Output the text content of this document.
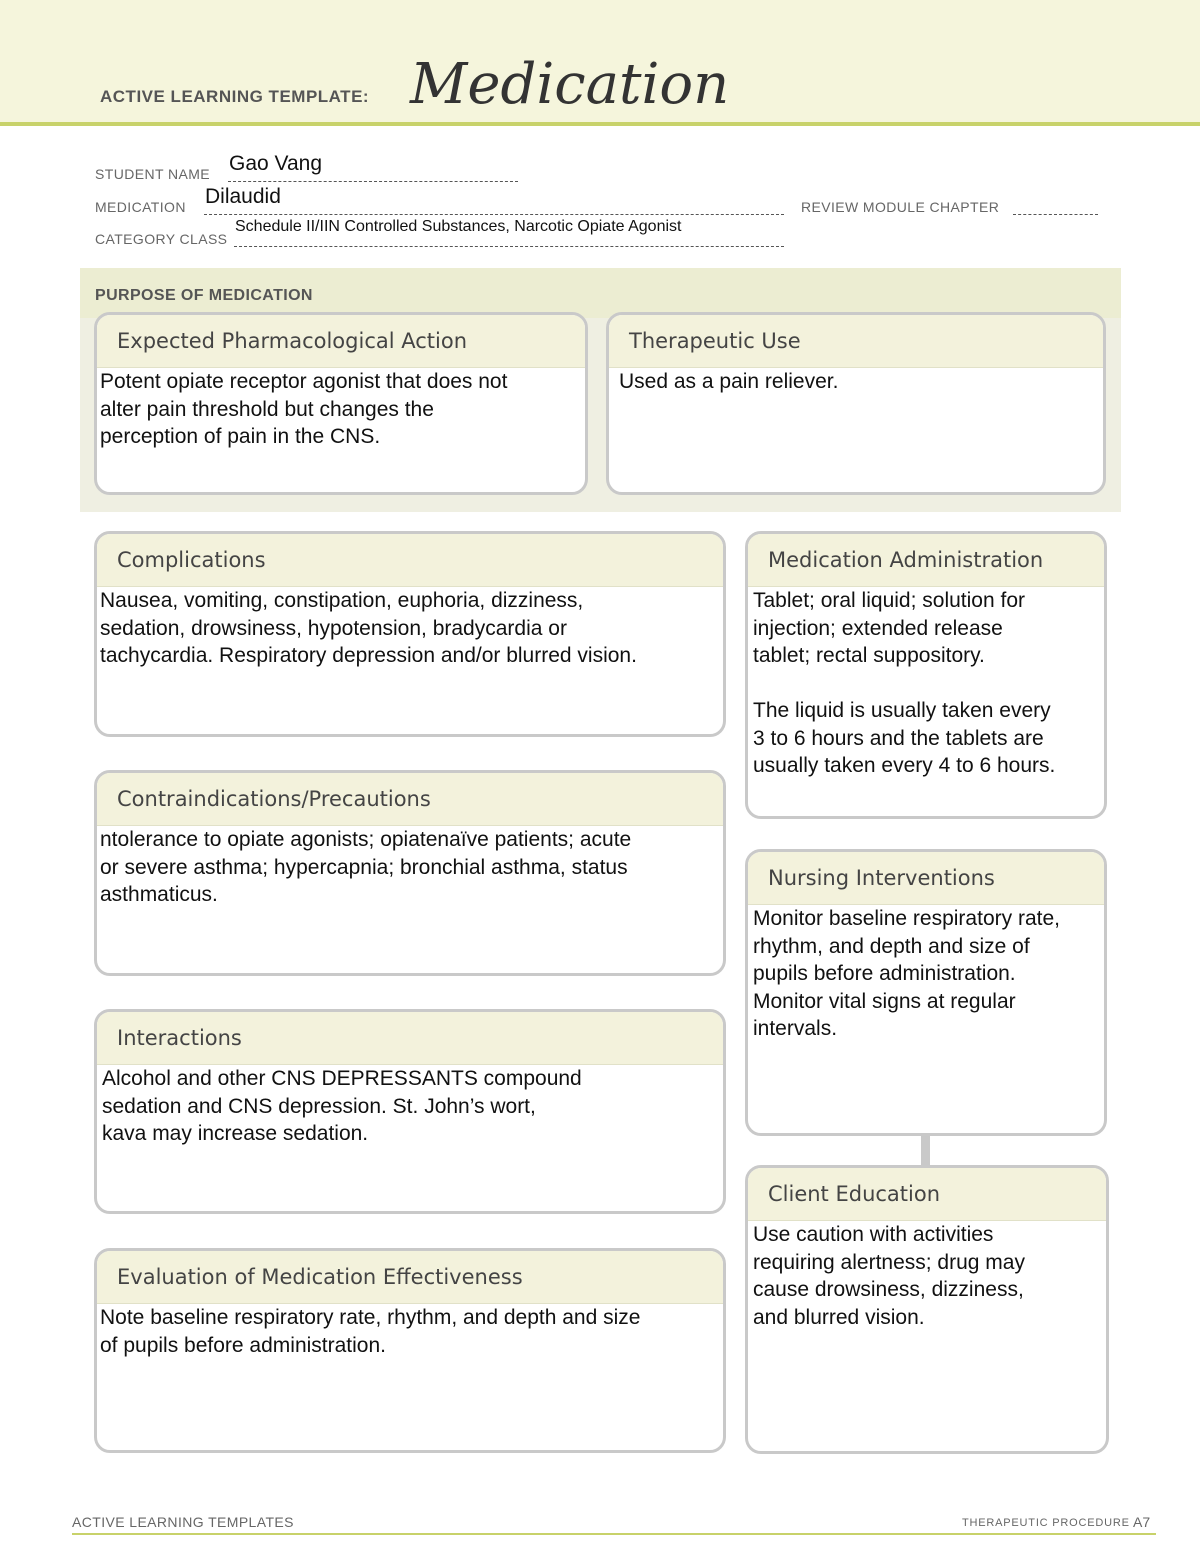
ACTIVE LEARNING TEMPLATE: Medication
STUDENT NAME Gao Vang
MEDICATION Dilaudid	REVIEW MODULE CHAPTER
CATEGORY CLASS
Schedule II/IIN Controlled Substances, Narcotic Opiate Agonist
PURPOSE OF MEDICATION
Expected Pharmacological Action
Potent opiate receptor agonist that does not
alter pain threshold but changes the
perception of pain in the CNS.
Therapeutic Use
Used as a pain reliever.
Complications
Nausea, vomiting, constipation, euphoria, dizziness,
sedation, drowsiness, hypotension, bradycardia or
tachycardia. Respiratory depression and/or blurred vision.
Contraindications/Precautions
ntolerance to opiate agonists; opiatenaïve patients; acute
or severe asthma; hypercapnia; bronchial asthma, status
asthmaticus.
Interactions
Alcohol and other CNS DEPRESSANTS compound
sedation and CNS depression. St. John’s wort,
kava may increase sedation.
Evaluation of Medication Effectiveness
Note baseline respiratory rate, rhythm, and depth and size
of pupils before administration.
Medication Administration
Tablet; oral liquid; solution for
injection; extended release
tablet; rectal suppository.

The liquid is usually taken every
3 to 6 hours and the tablets are
usually taken every 4 to 6 hours.
Nursing Interventions
Monitor baseline respiratory rate,
rhythm, and depth and size of
pupils before administration.
Monitor vital signs at regular
intervals.
Client Education
Use caution with activities
requiring alertness; drug may
cause drowsiness, dizziness,
and blurred vision.
ACTIVE LEARNING TEMPLATES	THERAPEUTIC PROCEDURE A7
